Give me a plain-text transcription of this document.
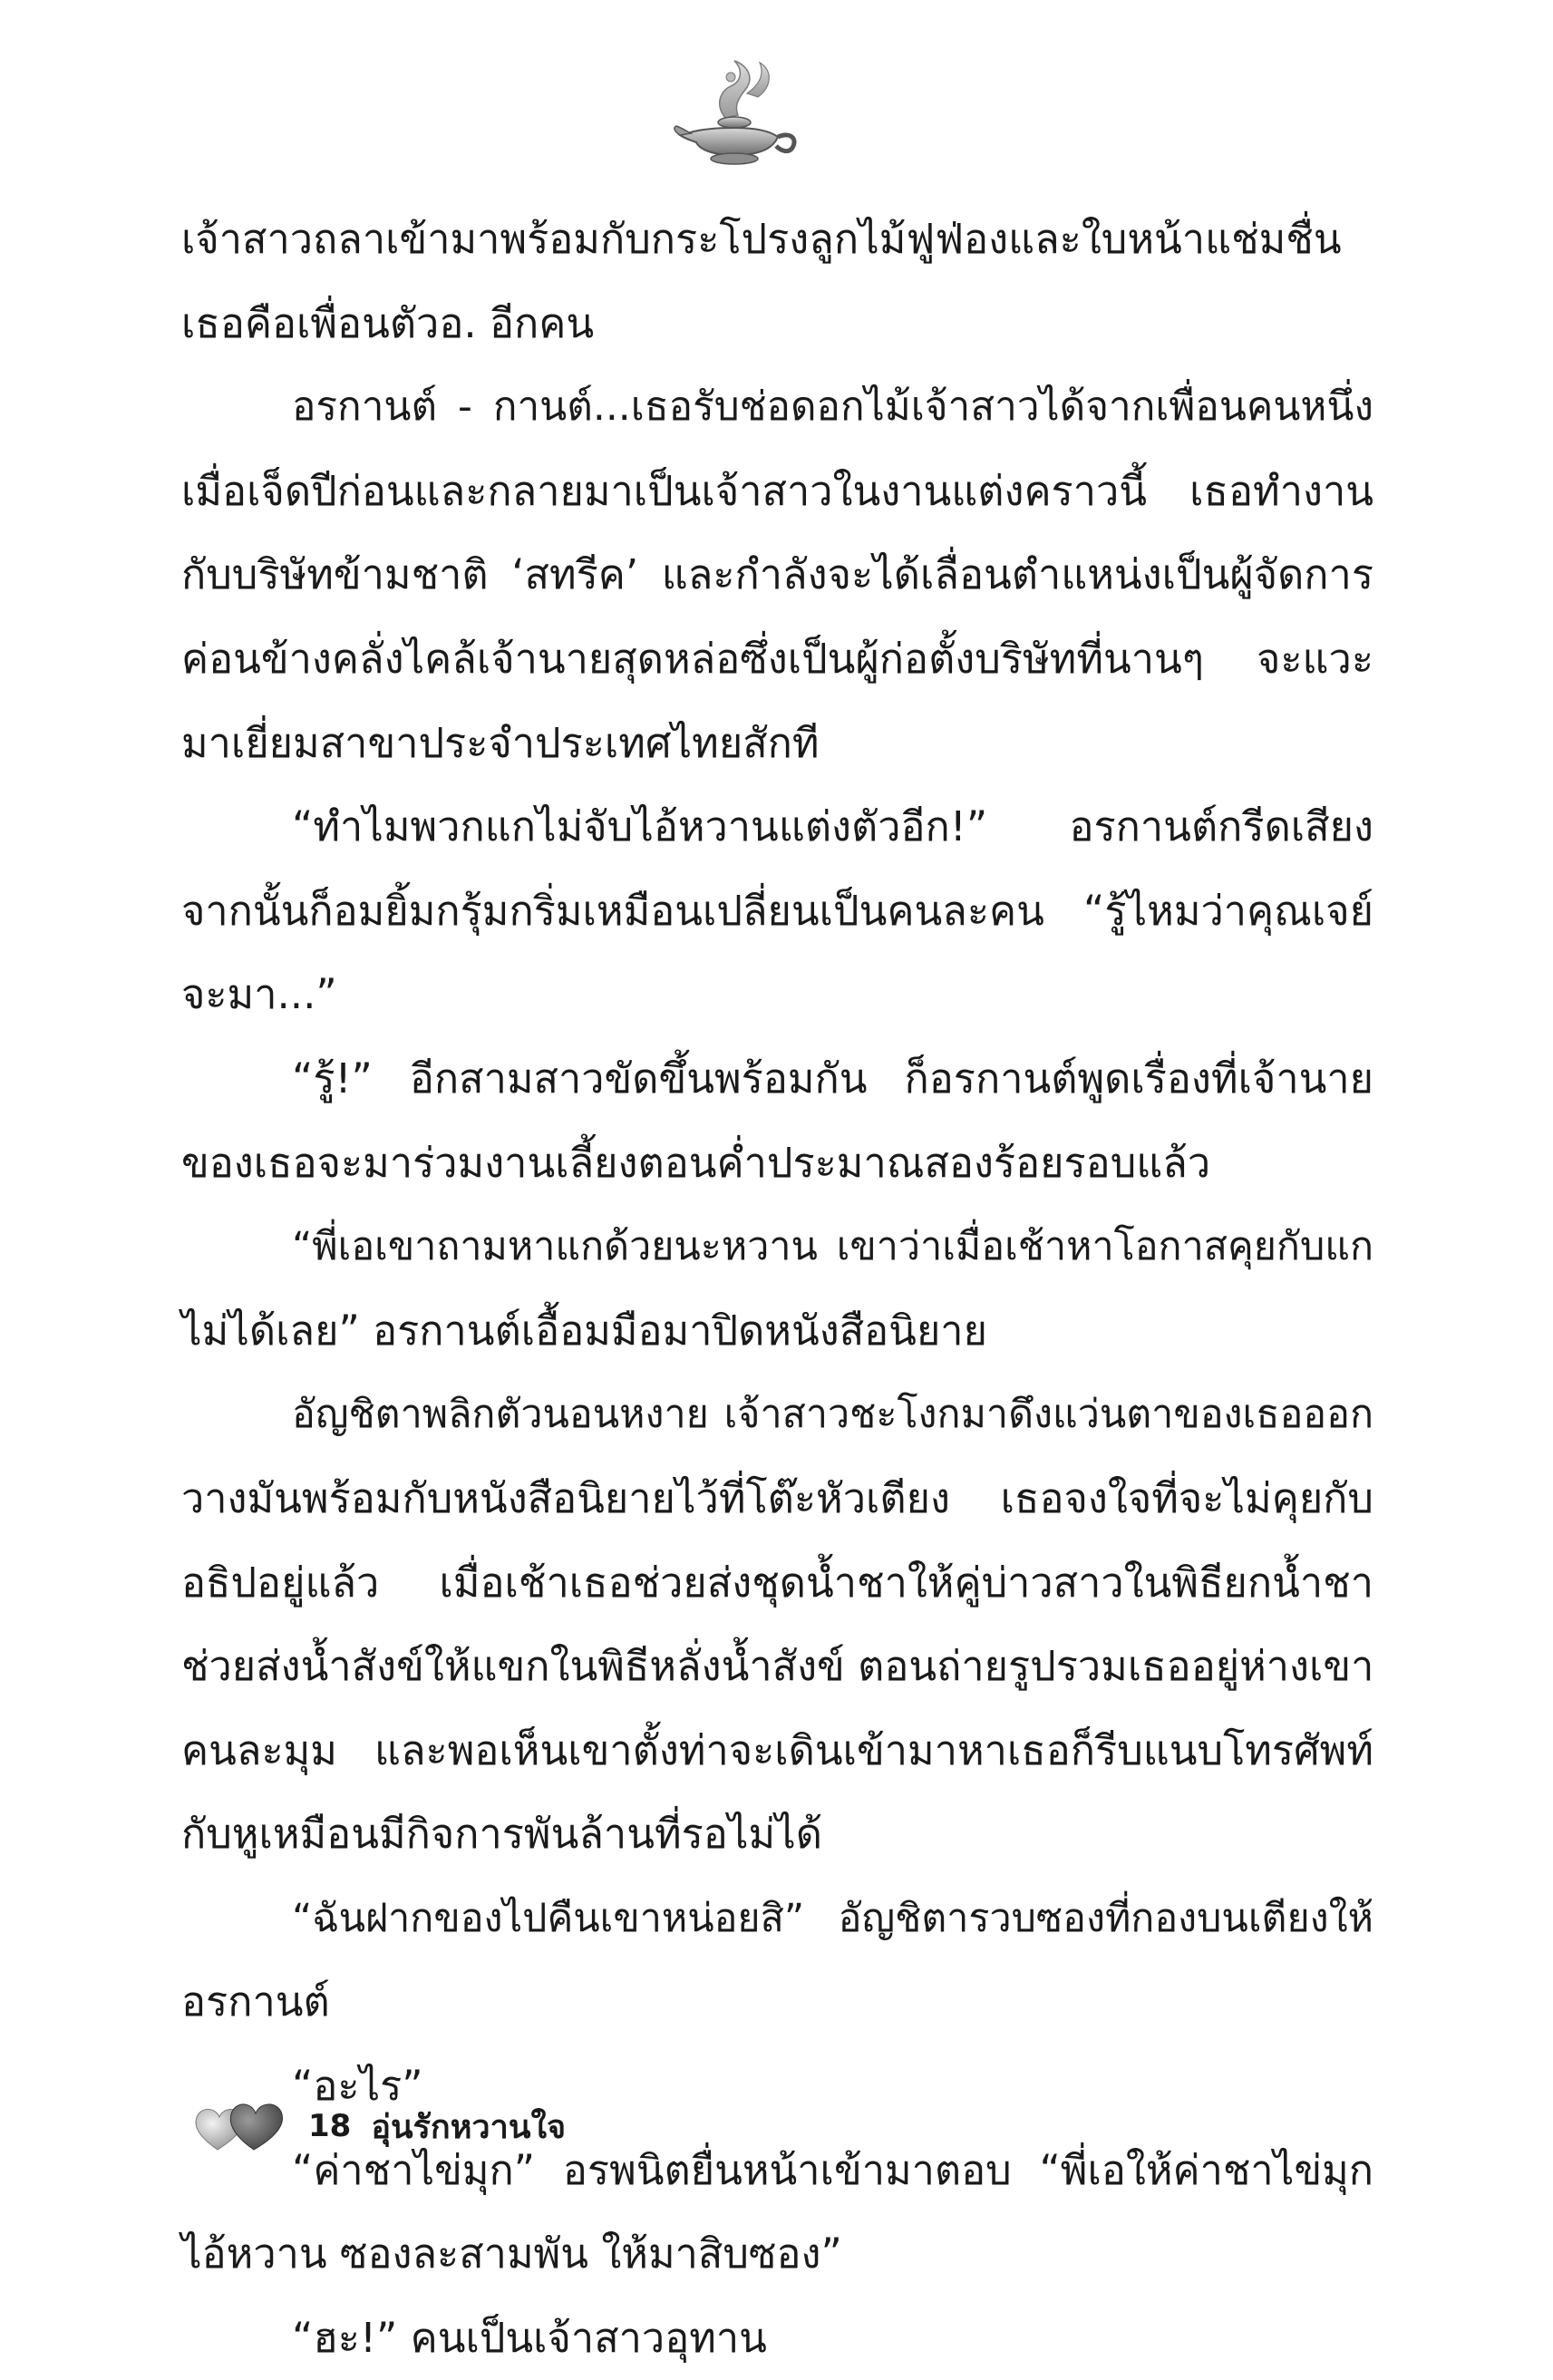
เจ้าสาวถลาเข้ามาพร้อมกับกระโปรงลูกไม้ฟูฟ่องและใบหน้าแช่มชื่น
เธอคือเพื่อนตัวอ. อีกคน
อรกานต์ - กานต์...เธอรับช่อดอกไม้เจ้าสาวได้จากเพื่อนคนหนึ่ง
เมื่อเจ็ดปีก่อนและกลายมาเป็นเจ้าสาวในงานแต่งคราวนี้ เธอทำงาน
กับบริษัทข้ามชาติ ‘สทรีค’ และกำลังจะได้เลื่อนตำแหน่งเป็นผู้จัดการ
ค่อนข้างคลั่งไคล้เจ้านายสุดหล่อซึ่งเป็นผู้ก่อตั้งบริษัทที่นานๆ จะแวะ
มาเยี่ยมสาขาประจำประเทศไทยสักที
“ทำไมพวกแกไม่จับไอ้หวานแต่งตัวอีก!” อรกานต์กรีดเสียง
จากนั้นก็อมยิ้มกรุ้มกริ่มเหมือนเปลี่ยนเป็นคนละคน “รู้ไหมว่าคุณเจย์
จะมา...”
“รู้!” อีกสามสาวขัดขึ้นพร้อมกัน ก็อรกานต์พูดเรื่องที่เจ้านาย
ของเธอจะมาร่วมงานเลี้ยงตอนค่ำประมาณสองร้อยรอบแล้ว
“พี่เอเขาถามหาแกด้วยนะหวาน เขาว่าเมื่อเช้าหาโอกาสคุยกับแก
ไม่ได้เลย” อรกานต์เอื้อมมือมาปิดหนังสือนิยาย
อัญชิตาพลิกตัวนอนหงาย เจ้าสาวชะโงกมาดึงแว่นตาของเธอออก
วางมันพร้อมกับหนังสือนิยายไว้ที่โต๊ะหัวเตียง เธอจงใจที่จะไม่คุยกับ
อธิปอยู่แล้ว เมื่อเช้าเธอช่วยส่งชุดน้ำชาให้คู่บ่าวสาวในพิธียกน้ำชา
ช่วยส่งน้ำสังข์ให้แขกในพิธีหลั่งน้ำสังข์ ตอนถ่ายรูปรวมเธออยู่ห่างเขา
คนละมุม และพอเห็นเขาตั้งท่าจะเดินเข้ามาหาเธอก็รีบแนบโทรศัพท์
กับหูเหมือนมีกิจการพันล้านที่รอไม่ได้
“ฉันฝากของไปคืนเขาหน่อยสิ” อัญชิตารวบซองที่กองบนเตียงให้
อรกานต์
“อะไร”
“ค่าชาไข่มุก” อรพนิตยื่นหน้าเข้ามาตอบ “พี่เอให้ค่าชาไข่มุก
ไอ้หวาน ซองละสามพัน ให้มาสิบซอง”
“ฮะ!” คนเป็นเจ้าสาวอุทาน
18 อุ่นรักหวานใจ
